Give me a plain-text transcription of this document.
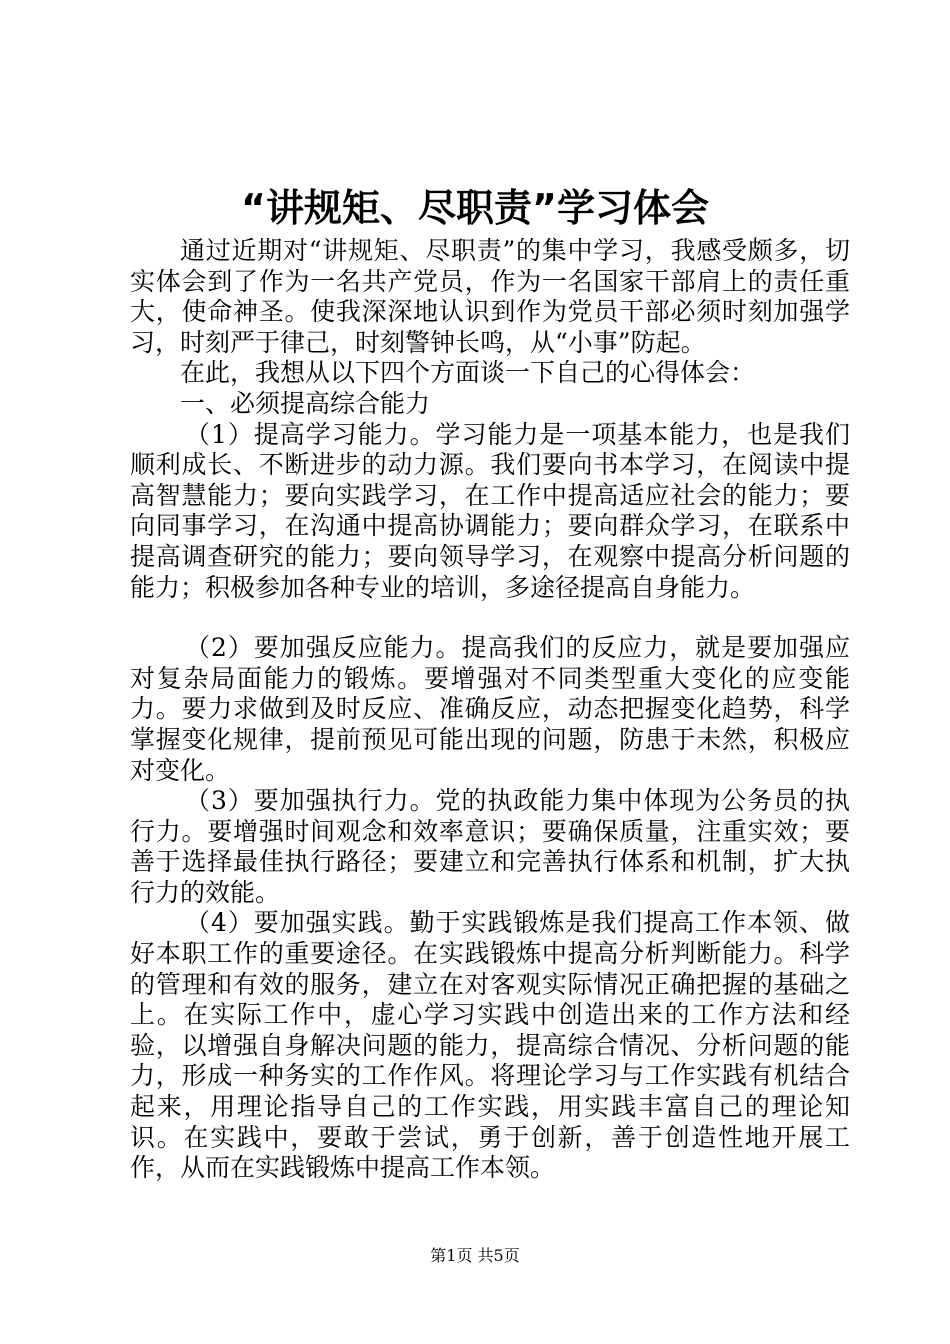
“讲规矩、尽职责”学习体会

通过近期对“讲规矩、尽职责”的集中学习，我感受颇多，切实体会到了作为一名共产党员，作为一名国家干部肩上的责任重大，使命神圣。使我深深地认识到作为党员干部必须时刻加强学习，时刻严于律己，时刻警钟长鸣，从“小事”防起。

在此，我想从以下四个方面谈一下自己的心得体会：

一、必须提高综合能力

（1）提高学习能力。学习能力是一项基本能力，也是我们顺利成长、不断进步的动力源。我们要向书本学习，在阅读中提高智慧能力；要向实践学习，在工作中提高适应社会的能力；要向同事学习，在沟通中提高协调能力；要向群众学习，在联系中提高调查研究的能力；要向领导学习，在观察中提高分析问题的能力；积极参加各种专业的培训，多途径提高自身能力。

（2）要加强反应能力。提高我们的反应力，就是要加强应对复杂局面能力的锻炼。要增强对不同类型重大变化的应变能力。要力求做到及时反应、准确反应，动态把握变化趋势，科学掌握变化规律，提前预见可能出现的问题，防患于未然，积极应对变化。

（3）要加强执行力。党的执政能力集中体现为公务员的执行力。要增强时间观念和效率意识；要确保质量，注重实效；要善于选择最佳执行路径；要建立和完善执行体系和机制，扩大执行力的效能。

（4）要加强实践。勤于实践锻炼是我们提高工作本领、做好本职工作的重要途径。在实践锻炼中提高分析判断能力。科学的管理和有效的服务，建立在对客观实际情况正确把握的基础之上。在实际工作中，虚心学习实践中创造出来的工作方法和经验，以增强自身解决问题的能力，提高综合情况、分析问题的能力，形成一种务实的工作作风。将理论学习与工作实践有机结合起来，用理论指导自己的工作实践，用实践丰富自己的理论知识。在实践中，要敢于尝试，勇于创新，善于创造性地开展工作，从而在实践锻炼中提高工作本领。

第1页 共5页
